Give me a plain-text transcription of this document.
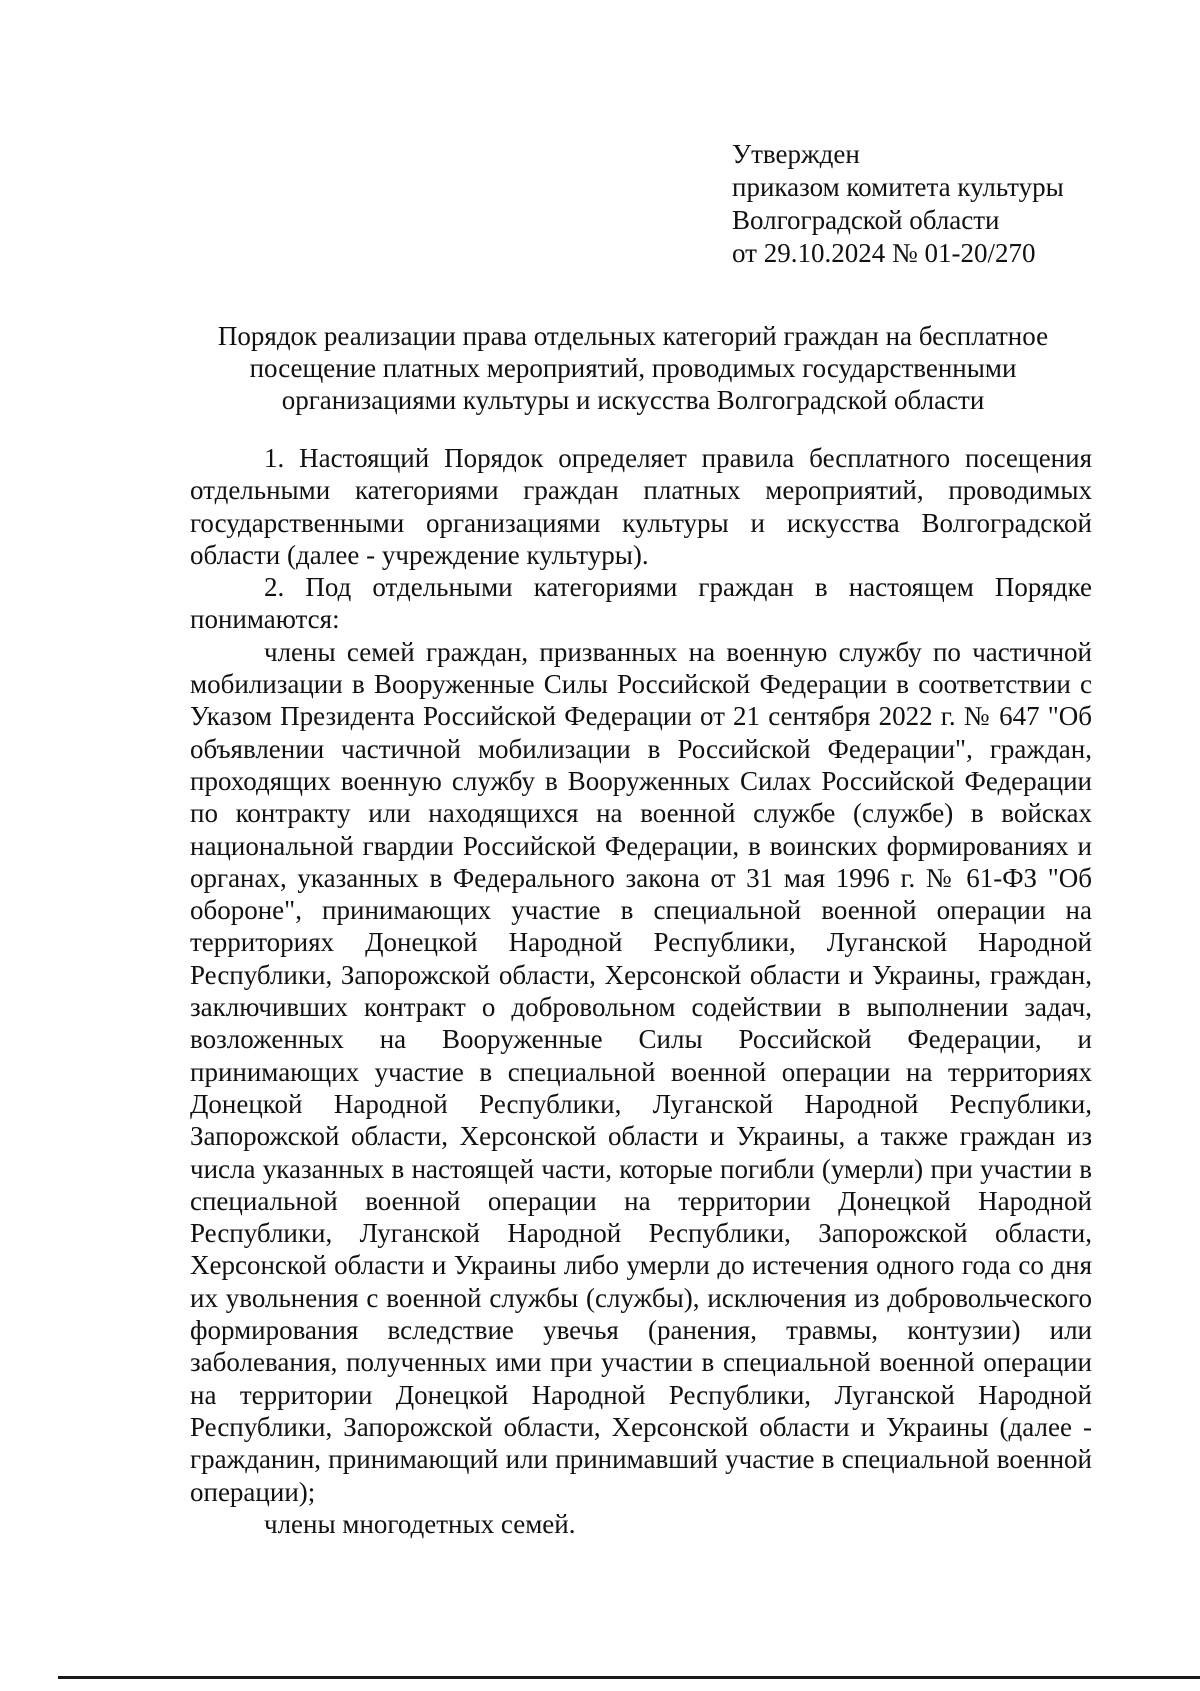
Утвержден
приказом комитета культуры
Волгоградской области
от 29.10.2024 № 01-20/270
Порядок реализации права отдельных категорий граждан на бесплатное
посещение платных мероприятий, проводимых государственными
организациями культуры и искусства Волгоградской области

1. Настоящий Порядок определяет правила бесплатного посещения отдельными категориями граждан платных мероприятий, проводимых государственными организациями культуры и искусства Волгоградской области (далее - учреждение культуры).

2. Под отдельными категориями граждан в настоящем Порядке понимаются:

члены семей граждан, призванных на военную службу по частичной мобилизации в Вооруженные Силы Российской Федерации в соответствии с Указом Президента Российской Федерации от 21 сентября 2022 г. № 647 "Об объявлении частичной мобилизации в Российской Федерации", граждан, проходящих военную службу в Вооруженных Силах Российской Федерации по контракту или находящихся на военной службе (службе) в войсках национальной гвардии Российской Федерации, в воинских формированиях и органах, указанных в Федерального закона от 31 мая 1996 г. № 61-ФЗ "Об обороне", принимающих участие в специальной военной операции на территориях Донецкой Народной Республики, Луганской Народной Республики, Запорожской области, Херсонской области и Украины, граждан, заключивших контракт о добровольном содействии в выполнении задач, возложенных на Вооруженные Силы Российской Федерации, и принимающих участие в специальной военной операции на территориях Донецкой Народной Республики, Луганской Народной Республики, Запорожской области, Херсонской области и Украины, а также граждан из числа указанных в настоящей части, которые погибли (умерли) при участии в специальной военной операции на территории Донецкой Народной Республики, Луганской Народной Республики, Запорожской области, Херсонской области и Украины либо умерли до истечения одного года со дня их увольнения с военной службы (службы), исключения из добровольческого формирования вследствие увечья (ранения, травмы, контузии) или заболевания, полученных ими при участии в специальной военной операции на территории Донецкой Народной Республики, Луганской Народной Республики, Запорожской области, Херсонской области и Украины (далее - гражданин, принимающий или принимавший участие в специальной военной операции);

члены многодетных семей.
